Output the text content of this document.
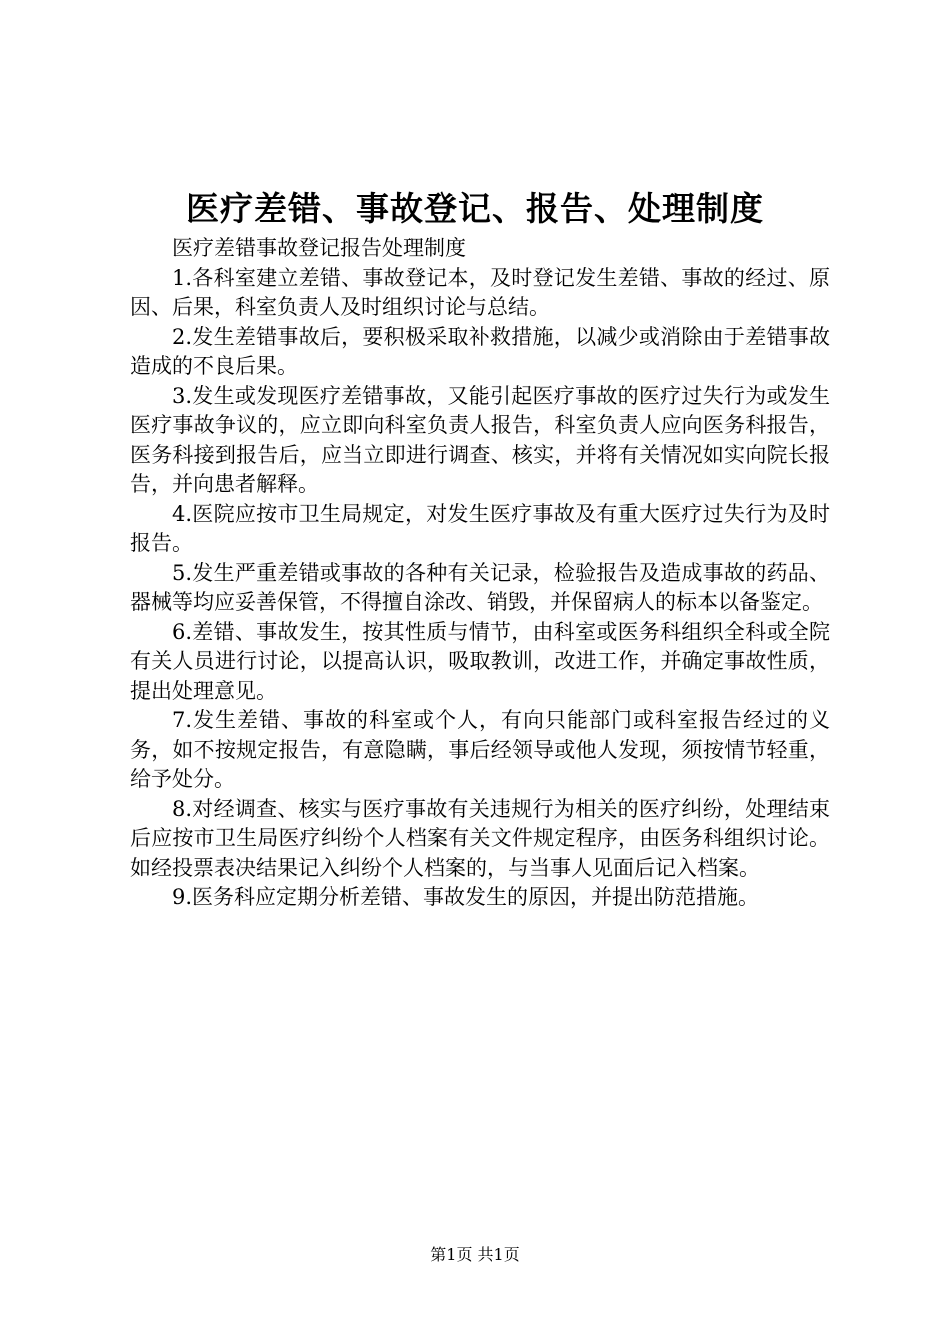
医疗差错、事故登记、报告、处理制度

医疗差错事故登记报告处理制度

1.各科室建立差错、事故登记本，及时登记发生差错、事故的经过、原因、后果，科室负责人及时组织讨论与总结。

2.发生差错事故后，要积极采取补救措施，以减少或消除由于差错事故造成的不良后果。

3.发生或发现医疗差错事故，又能引起医疗事故的医疗过失行为或发生医疗事故争议的，应立即向科室负责人报告，科室负责人应向医务科报告，医务科接到报告后，应当立即进行调查、核实，并将有关情况如实向院长报告，并向患者解释。

4.医院应按市卫生局规定，对发生医疗事故及有重大医疗过失行为及时报告。

5.发生严重差错或事故的各种有关记录，检验报告及造成事故的药品、器械等均应妥善保管，不得擅自涂改、销毁，并保留病人的标本以备鉴定。

6.差错、事故发生，按其性质与情节，由科室或医务科组织全科或全院有关人员进行讨论，以提高认识，吸取教训，改进工作，并确定事故性质，提出处理意见。

7.发生差错、事故的科室或个人，有向只能部门或科室报告经过的义务，如不按规定报告，有意隐瞒，事后经领导或他人发现，须按情节轻重，给予处分。

8.对经调查、核实与医疗事故有关违规行为相关的医疗纠纷，处理结束后应按市卫生局医疗纠纷个人档案有关文件规定程序，由医务科组织讨论。如经投票表决结果记入纠纷个人档案的，与当事人见面后记入档案。

9.医务科应定期分析差错、事故发生的原因，并提出防范措施。

第1页 共1页
